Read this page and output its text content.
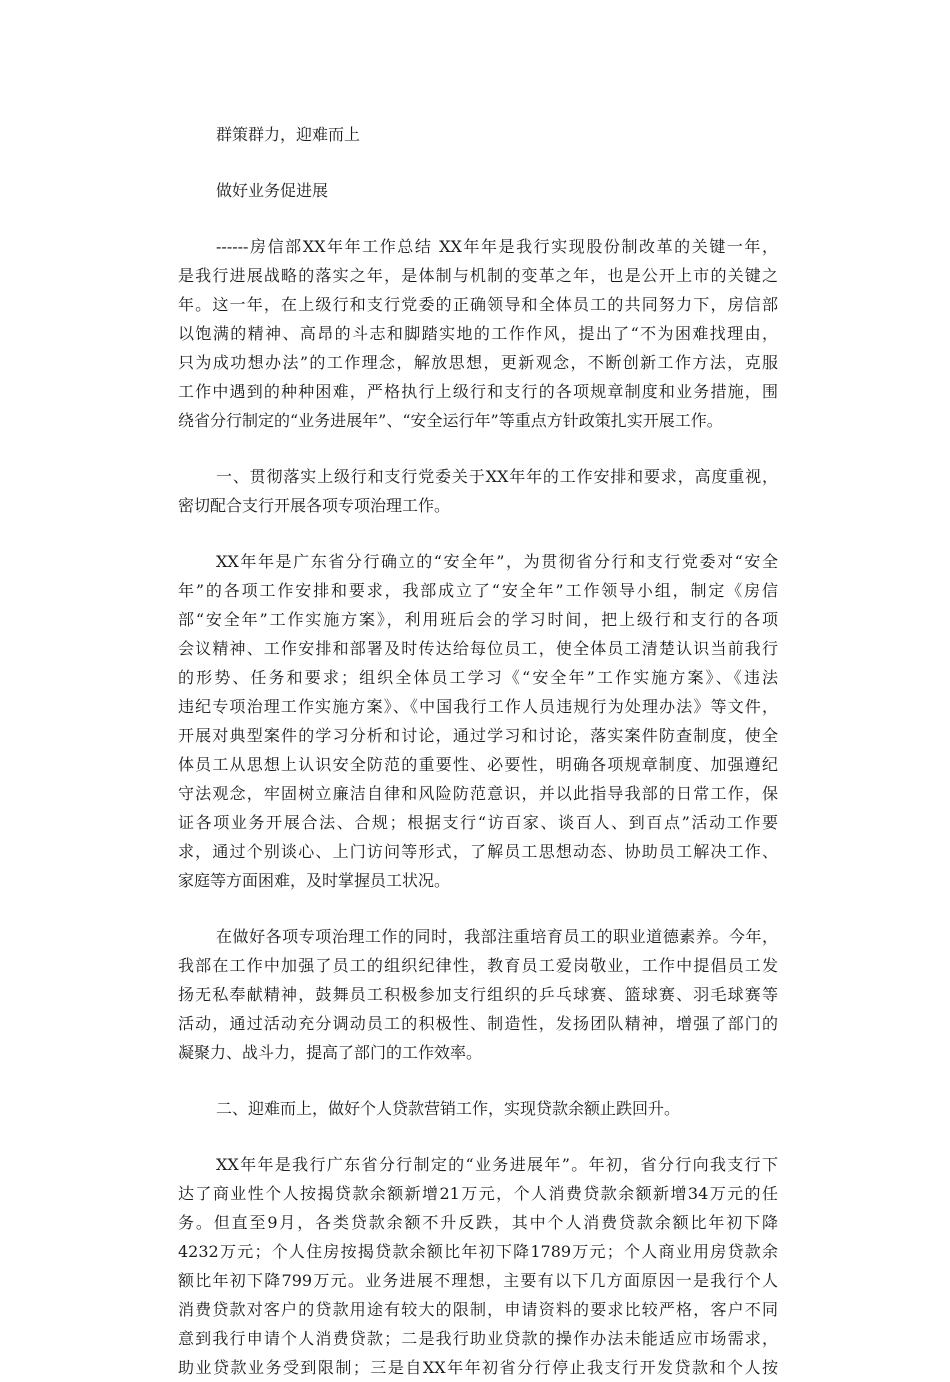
群策群力，迎难而上

做好业务促进展

------房信部XX年年工作总结 XX年年是我行实现股份制改革的关键一年，
是我行进展战略的落实之年，是体制与机制的变革之年，也是公开上市的关键之
年。这一年，在上级行和支行党委的正确领导和全体员工的共同努力下，房信部
以饱满的精神、高昂的斗志和脚踏实地的工作作风，提出了“不为困难找理由，
只为成功想办法”的工作理念，解放思想，更新观念，不断创新工作方法，克服
工作中遇到的种种困难，严格执行上级行和支行的各项规章制度和业务措施，围
绕省分行制定的“业务进展年”、“安全运行年”等重点方针政策扎实开展工作。
一、贯彻落实上级行和支行党委关于XX年年的工作安排和要求，高度重视，
密切配合支行开展各项专项治理工作。
XX年年是广东省分行确立的“安全年”，为贯彻省分行和支行党委对“安全
年”的各项工作安排和要求，我部成立了“安全年”工作领导小组，制定《房信
部“安全年”工作实施方案》，利用班后会的学习时间，把上级行和支行的各项
会议精神、工作安排和部署及时传达给每位员工，使全体员工清楚认识当前我行
的形势、任务和要求；组织全体员工学习《“安全年”工作实施方案》、《违法
违纪专项治理工作实施方案》、《中国我行工作人员违规行为处理办法》等文件，
开展对典型案件的学习分析和讨论，通过学习和讨论，落实案件防查制度，使全
体员工从思想上认识安全防范的重要性、必要性，明确各项规章制度、加强遵纪
守法观念，牢固树立廉洁自律和风险防范意识，并以此指导我部的日常工作，保
证各项业务开展合法、合规；根据支行“访百家、谈百人、到百点”活动工作要
求，通过个别谈心、上门访问等形式，了解员工思想动态、协助员工解决工作、
家庭等方面困难，及时掌握员工状况。
在做好各项专项治理工作的同时，我部注重培育员工的职业道德素养。今年，
我部在工作中加强了员工的组织纪律性，教育员工爱岗敬业，工作中提倡员工发
扬无私奉献精神，鼓舞员工积极参加支行组织的乒乓球赛、篮球赛、羽毛球赛等
活动，通过活动充分调动员工的积极性、制造性，发扬团队精神，增强了部门的
凝聚力、战斗力，提高了部门的工作效率。
二、迎难而上，做好个人贷款营销工作，实现贷款余额止跌回升。
XX年年是我行广东省分行制定的“业务进展年”。年初，省分行向我支行下
达了商业性个人按揭贷款余额新增21万元，个人消费贷款余额新增34万元的任
务。但直至9月，各类贷款余额不升反跌，其中个人消费贷款余额比年初下降
4232万元；个人住房按揭贷款余额比年初下降1789万元；个人商业用房贷款余
额比年初下降799万元。业务进展不理想，主要有以下几方面原因一是我行个人
消费贷款对客户的贷款用途有较大的限制，申请资料的要求比较严格，客户不同
意到我行申请个人消费贷款；二是我行助业贷款的操作办法未能适应市场需求，
助业贷款业务受到限制；三是自XX年年初省分行停止我支行开发贷款和个人按
